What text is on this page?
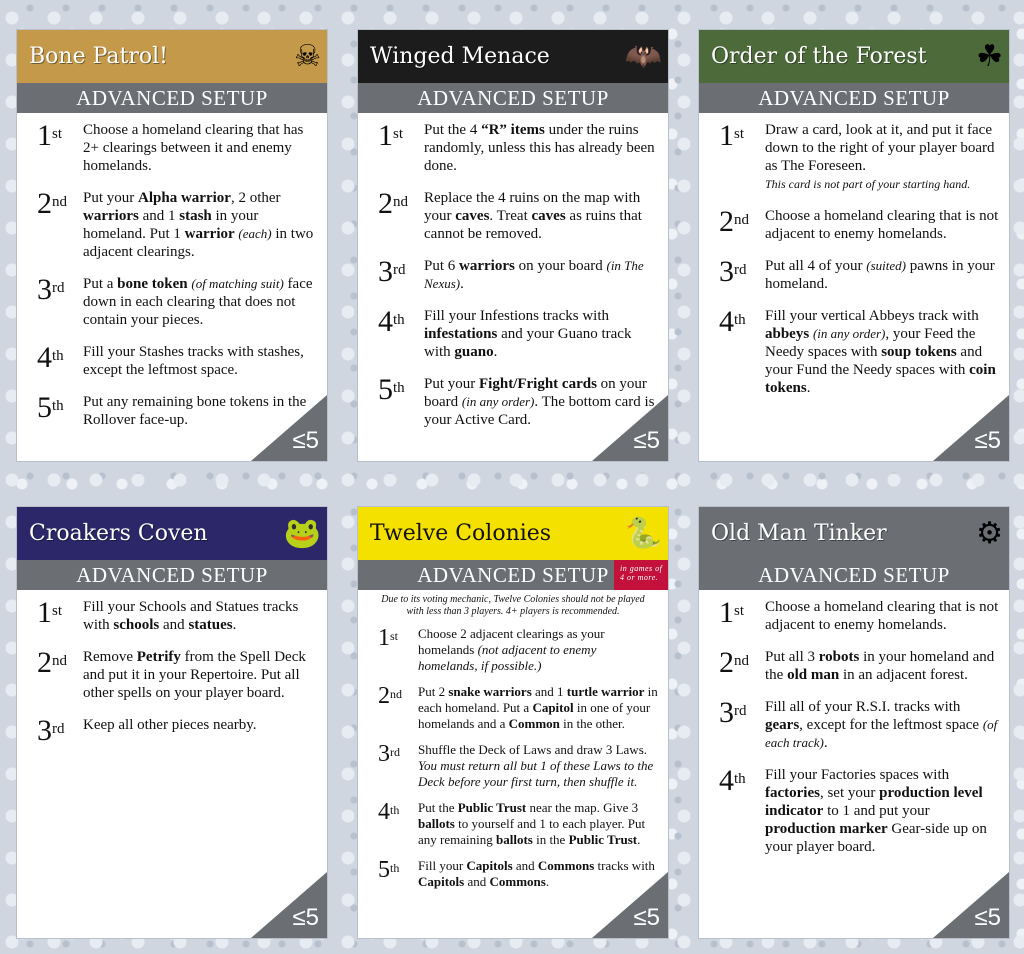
Bone Patrol!	☠
ADVANCED SETUP
1st	Choose a homeland clearing that has 2+ clearings between it and enemy homelands.
2nd	Put your Alpha warrior, 2 other warriors and 1 stash in your homeland. Put 1 warrior (each) in two adjacent clearings.
3rd	Put a bone token (of matching suit) face down in each clearing that does not contain your pieces.
4th	Fill your Stashes tracks with stashes, except the leftmost space.
5th	Put any remaining bone tokens in the Rollover face-up.
≤5
Winged Menace 🦇
ADVANCED SETUP
1st	Put the 4 “R” items under the ruins randomly, unless this has already been done.
2nd	Replace the 4 ruins on the map with your caves. Treat caves as ruins that cannot be removed.
3rd	Put 6 warriors on your board (in The Nexus).
4th	Fill your Infestions tracks with infestations and your Guano track with guano.
5th	Put your Fight/Fright cards on your board (in any order). The bottom card is your Active Card.
≤5
Order of the Forest ☘
ADVANCED SETUP
1st	Draw a card, look at it, and put it face down to the right of your player board as The Foreseen.
This card is not part of your starting hand.
2nd	Choose a homeland clearing that is not adjacent to enemy homelands.
3rd	Put all 4 of your (suited) pawns in your homeland.
4th	Fill your vertical Abbeys track with abbeys (in any order), your Feed the Needy spaces with soup tokens and your Fund the Needy spaces with coin tokens.
≤5
Croakers Coven	🐸
ADVANCED SETUP
1st	Fill your Schools and Statues tracks with schools and statues.
2nd	Remove Petrify from the Spell Deck and put it in your Repertoire. Put all other spells on your player board.
3rd	Keep all other pieces nearby.
≤5
Twelve Colonies 🐍
ADVANCED SETUP	in games of 4 or more.
Due to its voting mechanic, Twelve Colonies should not be played with less than 3 players. 4+ players is recommended.
1st	Choose 2 adjacent clearings as your homelands (not adjacent to enemy homelands, if possible.)
2nd	Put 2 snake warriors and 1 turtle warrior in each homeland. Put a Capitol in one of your homelands and a Common in the other.
3rd	Shuffle the Deck of Laws and draw 3 Laws. You must return all but 1 of these Laws to the Deck before your first turn, then shuffle it.
4th	Put the Public Trust near the map. Give 3 ballots to yourself and 1 to each player. Put any remaining ballots in the Public Trust.
5th	Fill your Capitols and Commons tracks with Capitols and Commons.
≤5
Old Man Tinker	⚙
ADVANCED SETUP
1st	Choose a homeland clearing that is not adjacent to enemy homelands.
2nd	Put all 3 robots in your homeland and the old man in an adjacent forest.
3rd	Fill all of your R.S.I. tracks with gears, except for the leftmost space (of each track).
4th	Fill your Factories spaces with factories, set your production level indicator to 1 and put your production marker Gear-side up on your player board.
≤5
